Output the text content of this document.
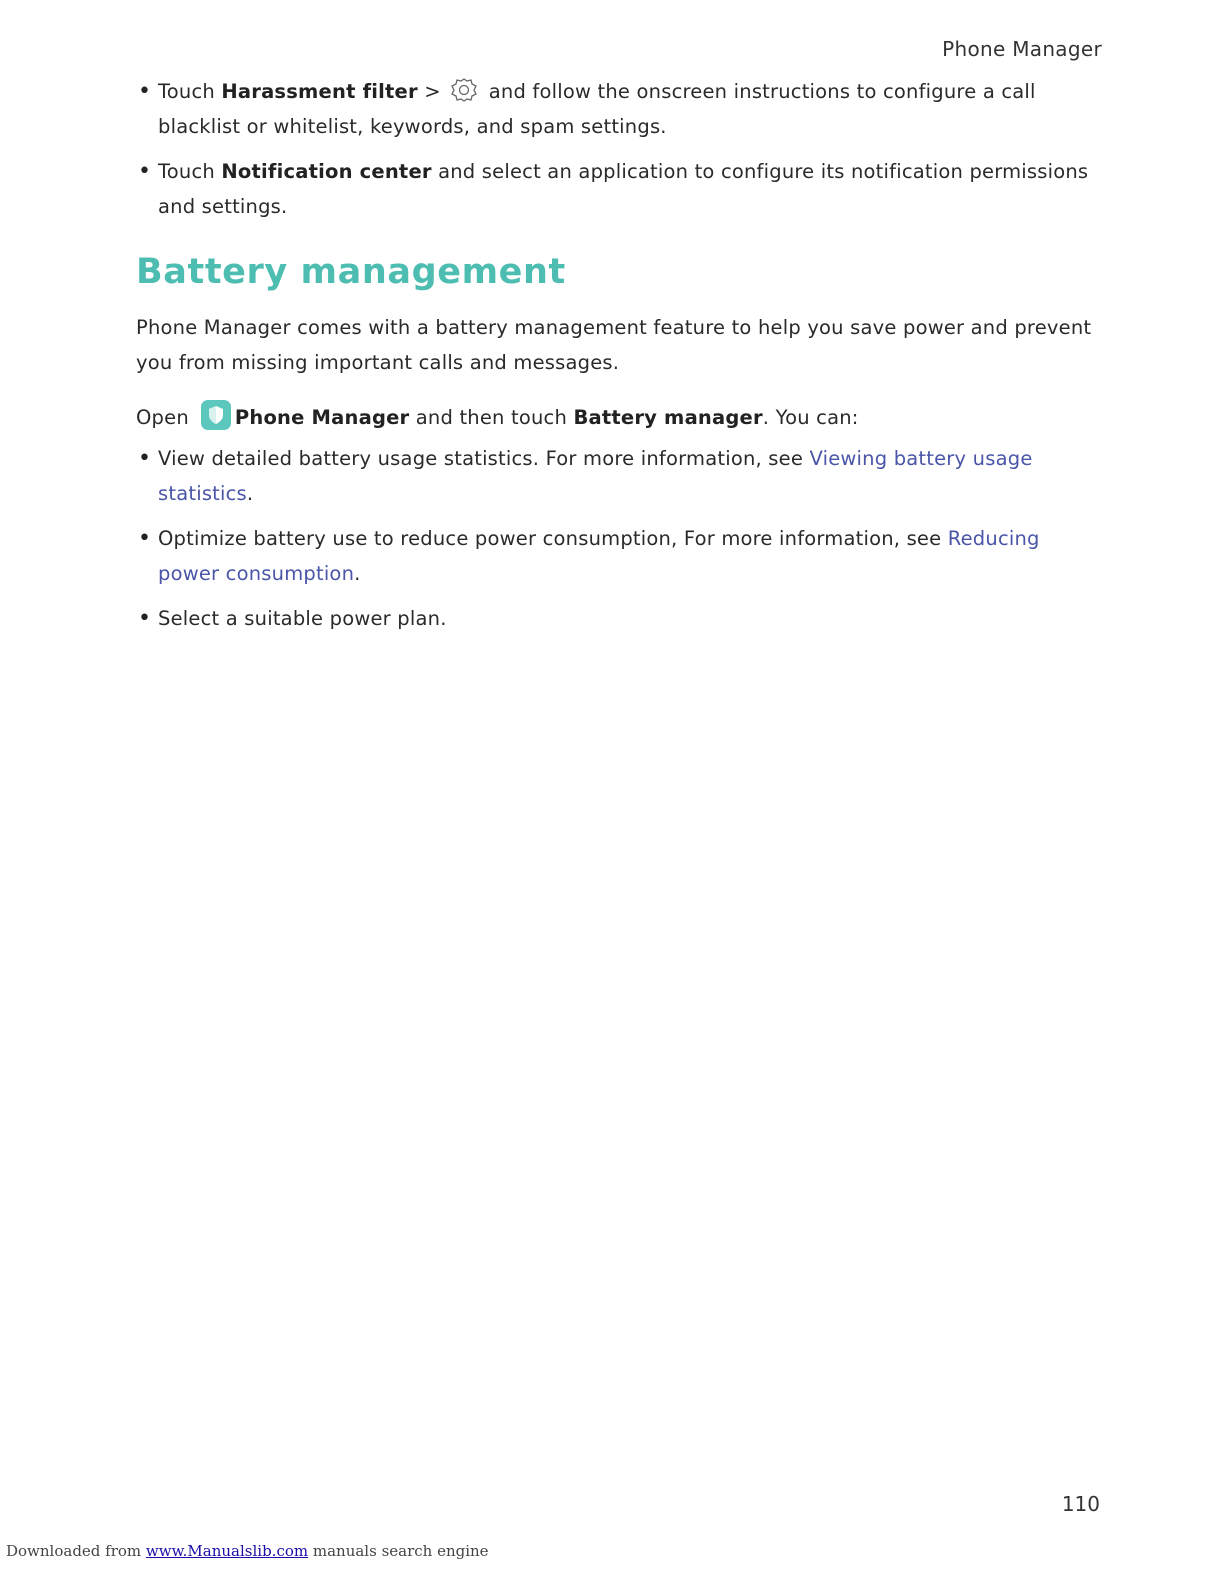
Phone Manager
• Touch Harassment filter > and follow the onscreen instructions to configure a call blacklist or whitelist, keywords, and spam settings.
• Touch Notification center and select an application to configure its notification permissions and settings.
Battery management

Phone Manager comes with a battery management feature to help you save power and prevent you from missing important calls and messages.

Open Phone Manager and then touch Battery manager. You can:

• View detailed battery usage statistics. For more information, see Viewing battery usage statistics.
• Optimize battery use to reduce power consumption, For more information, see Reducing power consumption.
• Select a suitable power plan.
110
Downloaded from www.Manualslib.com manuals search engine
